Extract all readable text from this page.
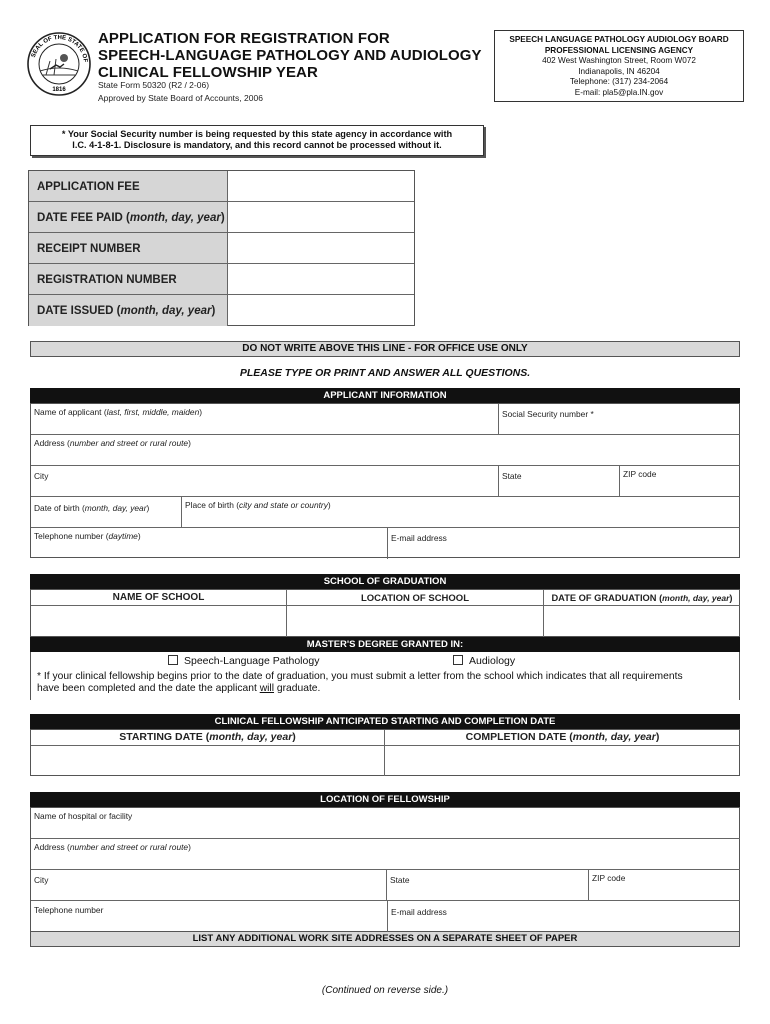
SEAL OF THE STATE OF
1816
APPLICATION FOR REGISTRATION FOR
SPEECH-LANGUAGE PATHOLOGY AND AUDIOLOGY
CLINICAL FELLOWSHIP YEAR
State Form 50320 (R2 / 2-06)
Approved by State Board of Accounts, 2006
SPEECH LANGUAGE PATHOLOGY AUDIOLOGY BOARD
PROFESSIONAL LICENSING AGENCY
402 West Washington Street, Room W072
Indianapolis, IN 46204
Telephone: (317) 234-2064
E-mail: pla5@pla.IN.gov
* Your Social Security number is being requested by this state agency in accordance with
I.C. 4-1-8-1. Disclosure is mandatory, and this record cannot be processed without it.
APPLICATION FEE
DATE FEE PAID (month, day, year)
RECEIPT NUMBER
REGISTRATION NUMBER
DATE ISSUED (month, day, year)
DO NOT WRITE ABOVE THIS LINE - FOR OFFICE USE ONLY
PLEASE TYPE OR PRINT AND ANSWER ALL QUESTIONS.
APPLICANT INFORMATION
Name of applicant (last, first, middle, maiden)	Social Security number *
Address (number and street or rural route)
City	State	ZIP code
Date of birth (month, day, year)	Place of birth (city and state or country)
Telephone number (daytime)	E-mail address
SCHOOL OF GRADUATION
NAME OF SCHOOL	LOCATION OF SCHOOL	DATE OF GRADUATION (month, day, year)
MASTER'S DEGREE GRANTED IN:
Speech-Language Pathology	Audiology
* If your clinical fellowship begins prior to the date of graduation, you must submit a letter from the school which indicates that all requirements
have been completed and the date the applicant will graduate.
CLINICAL FELLOWSHIP ANTICIPATED STARTING AND COMPLETION DATE
STARTING DATE (month, day, year)	COMPLETION DATE (month, day, year)
LOCATION OF FELLOWSHIP
Name of hospital or facility
Address (number and street or rural route)
City	State	ZIP code
Telephone number	E-mail address
LIST ANY ADDITIONAL WORK SITE ADDRESSES ON A SEPARATE SHEET OF PAPER
(Continued on reverse side.)
